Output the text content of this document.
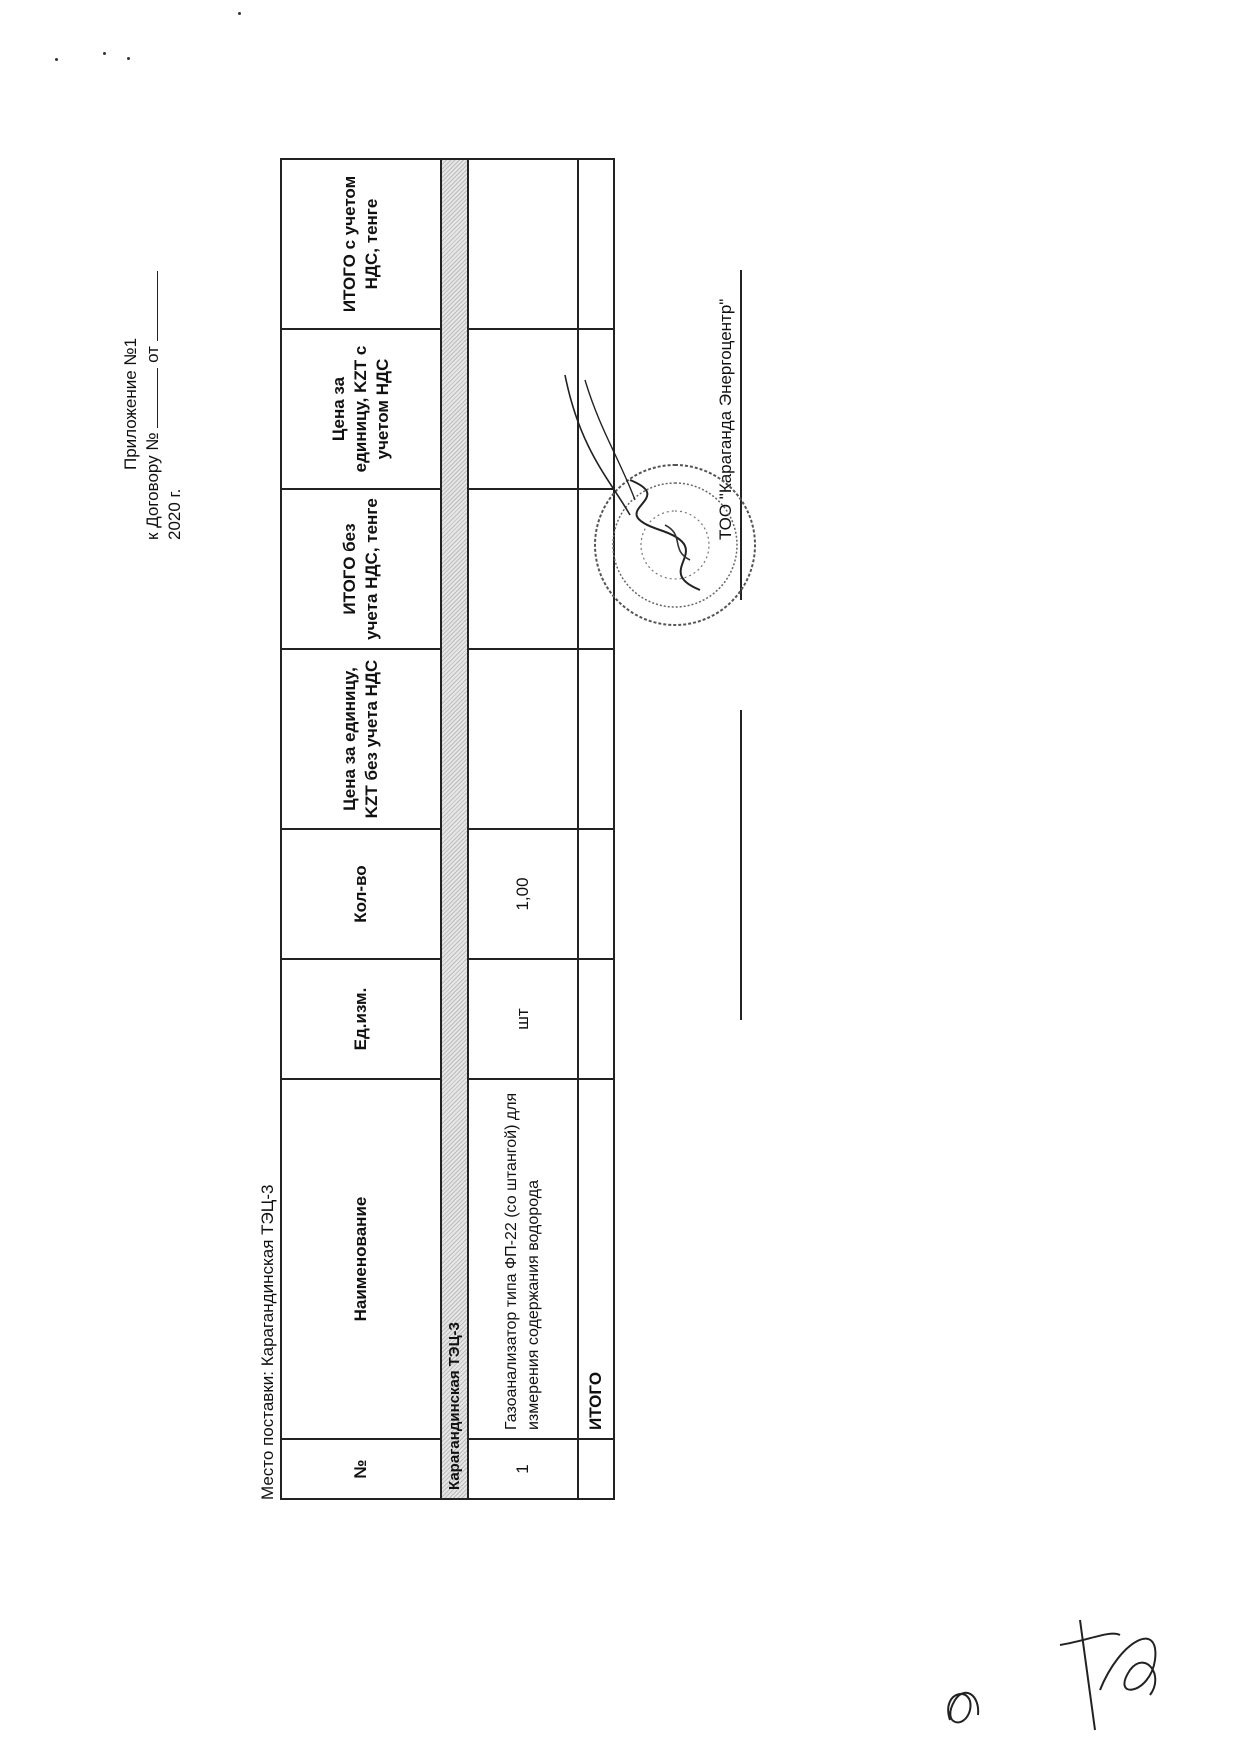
Приложение №1
к Договору №  от
2020 г.
Место поставки: Карагандинская ТЭЦ-3
№	Наименование	Ед.изм.	Кол-во	Цена за единицу, KZT без учета НДС	ИТОГО без учета НДС, тенге	Цена за единицу, KZT с учетом НДС	ИТОГО с учетом НДС, тенге
Карагандинская ТЭЦ-3							
1	Газоанализатор типа ФП-22 (со штангой) для измерения содержания водорода	шт	1,00				
	ИТОГО						
ТОО "Караганда Энергоцентр"
